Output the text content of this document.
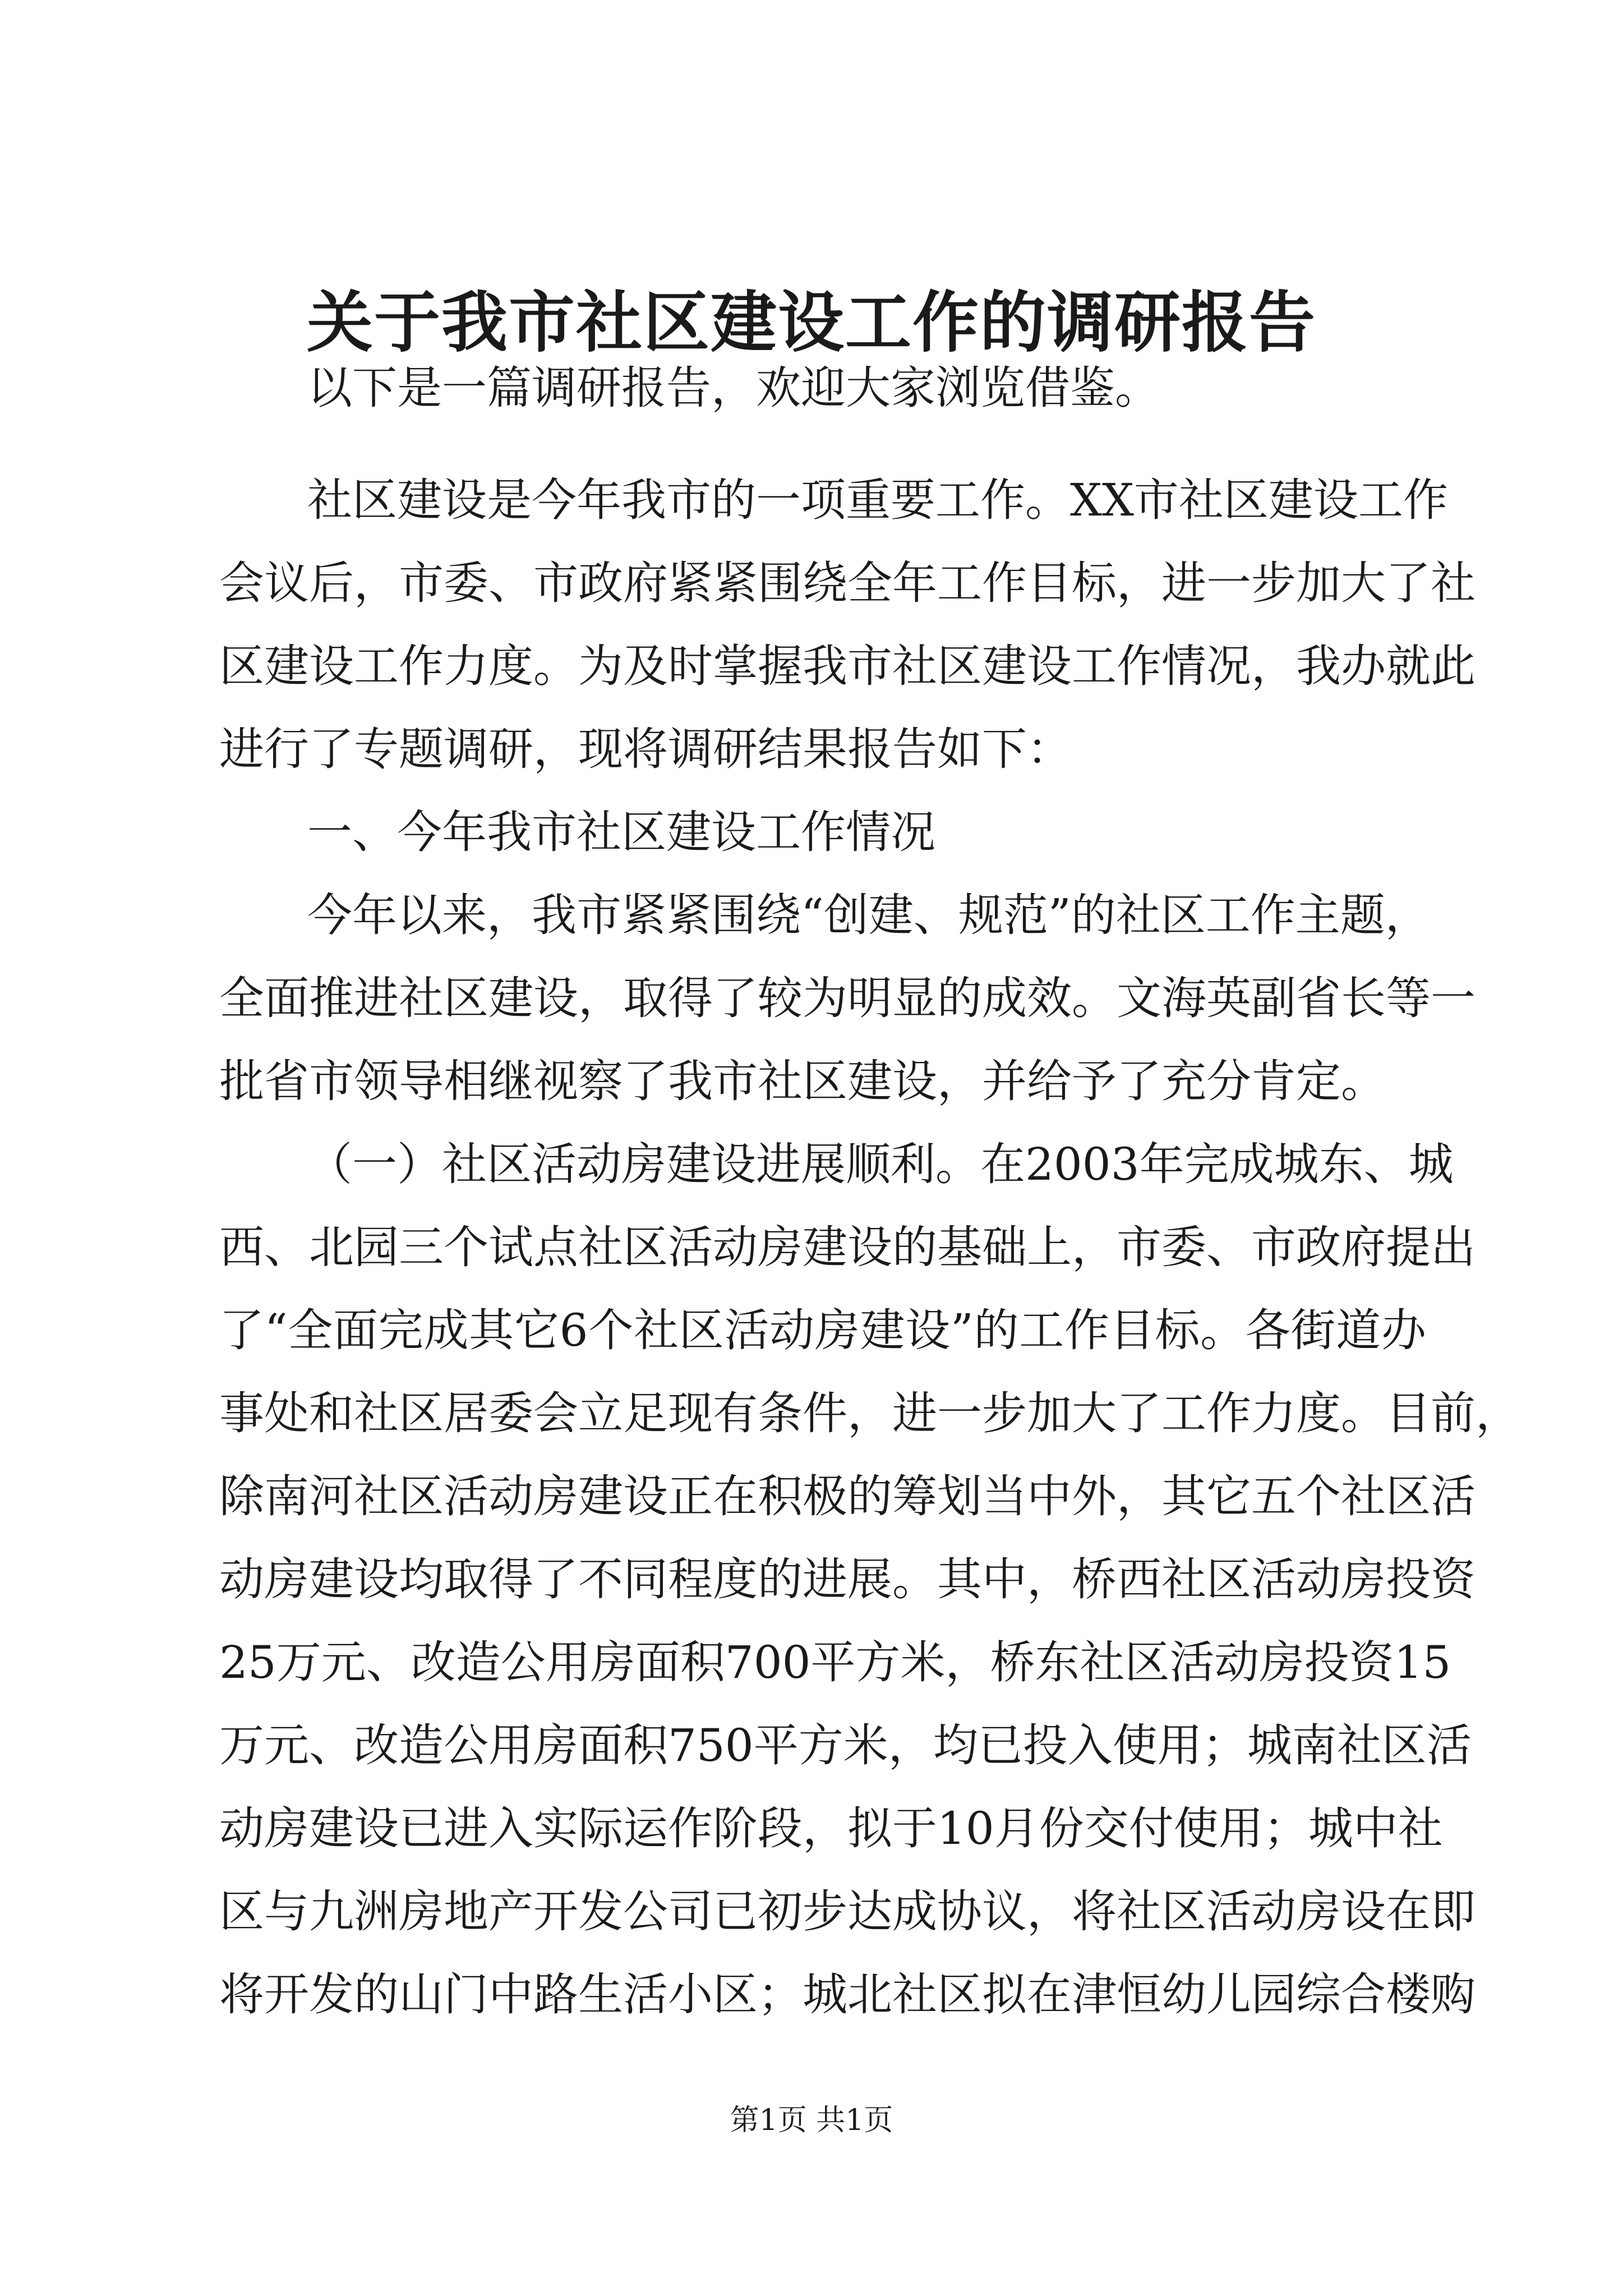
关于我市社区建设工作的调研报告
以下是一篇调研报告，欢迎大家浏览借鉴。
社区建设是今年我市的一项重要工作。XX市社区建设工作
会议后，市委、市政府紧紧围绕全年工作目标，进一步加大了社
区建设工作力度。为及时掌握我市社区建设工作情况，我办就此
进行了专题调研，现将调研结果报告如下：
一、今年我市社区建设工作情况
今年以来，我市紧紧围绕“创建、规范”的社区工作主题，
全面推进社区建设，取得了较为明显的成效。文海英副省长等一
批省市领导相继视察了我市社区建设，并给予了充分肯定。
（一）社区活动房建设进展顺利。在2003年完成城东、城
西、北园三个试点社区活动房建设的基础上，市委、市政府提出
了“全面完成其它6个社区活动房建设”的工作目标。各街道办
事处和社区居委会立足现有条件，进一步加大了工作力度。目前，
除南河社区活动房建设正在积极的筹划当中外，其它五个社区活
动房建设均取得了不同程度的进展。其中，桥西社区活动房投资
25万元、改造公用房面积700平方米，桥东社区活动房投资15
万元、改造公用房面积750平方米，均已投入使用；城南社区活
动房建设已进入实际运作阶段，拟于10月份交付使用；城中社
区与九洲房地产开发公司已初步达成协议，将社区活动房设在即
将开发的山门中路生活小区；城北社区拟在津恒幼儿园综合楼购
第1页 共1页
